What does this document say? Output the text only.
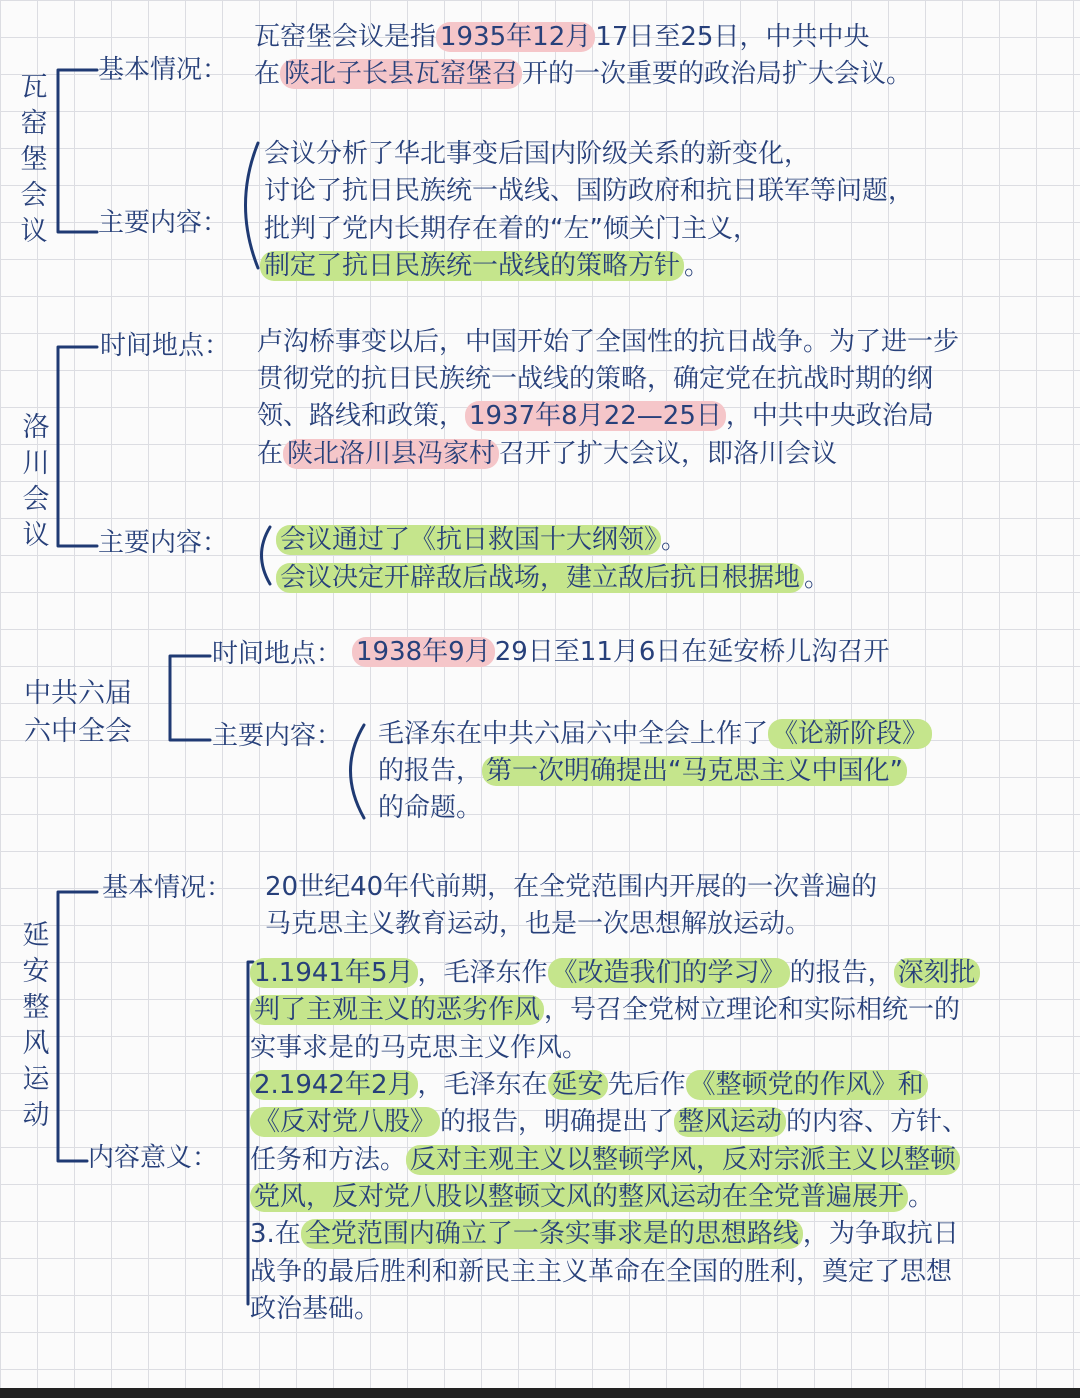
瓦窑堡会议
基本情况：
瓦窑堡会议是指 1935年12月 17日至25日，中共中央
在 陕北子长县瓦窑堡召 开的一次重要的政治局扩大会议。
主要内容：
会议分析了华北事变后国内阶级关系的新变化，
讨论了抗日民族统一战线、国防政府和抗日联军等问题，
批判了党内长期存在着的“左”倾关门主义，
制定了抗日民族统一战线的策略方针 。
洛川会议
时间地点： 卢沟桥事变以后，中国开始了全国性的抗日战争。为了进一步
贯彻党的抗日民族统一战线的策略，确定党在抗战时期的纲
领、路线和政策， 1937年8月22—25日 ，中共中央政治局
在 陕北洛川县冯家村 召开了扩大会议，即洛川会议
主要内容： 会议通过了《抗日救国十大纲领》 。
会议决定开辟敌后战场，建立敌后抗日根据地 。
中共六届六中全会
时间地点： 1938年9月 29日至11月6日在延安桥儿沟召开
主要内容： 毛泽东在中共六届六中全会上作了 《论新阶段》
的报告， 第一次明确提出“马克思主义中国化”
的命题。
延安整风运动
基本情况： 20世纪40年代前期，在全党范围内开展的一次普遍的
马克思主义教育运动，也是一次思想解放运动。
内容意义：
1.1941年5月 ，毛泽东作 《改造我们的学习》 的报告， 深刻批
判了主观主义的恶劣作风 ，号召全党树立理论和实际相统一的
实事求是的马克思主义作风。
2.1942年2月 ，毛泽东在 延安 先后作 《整顿党的作风》和
《反对党八股》 的报告，明确提出了 整风运动 的内容、方针、
任务和方法。 反对主观主义以整顿学风，反对宗派主义以整顿
党风，反对党八股以整顿文风的整风运动在全党普遍展开 。
3.在 全党范围内确立了一条实事求是的思想路线 ，为争取抗日
战争的最后胜利和新民主主义革命在全国的胜利，奠定了思想
政治基础。
